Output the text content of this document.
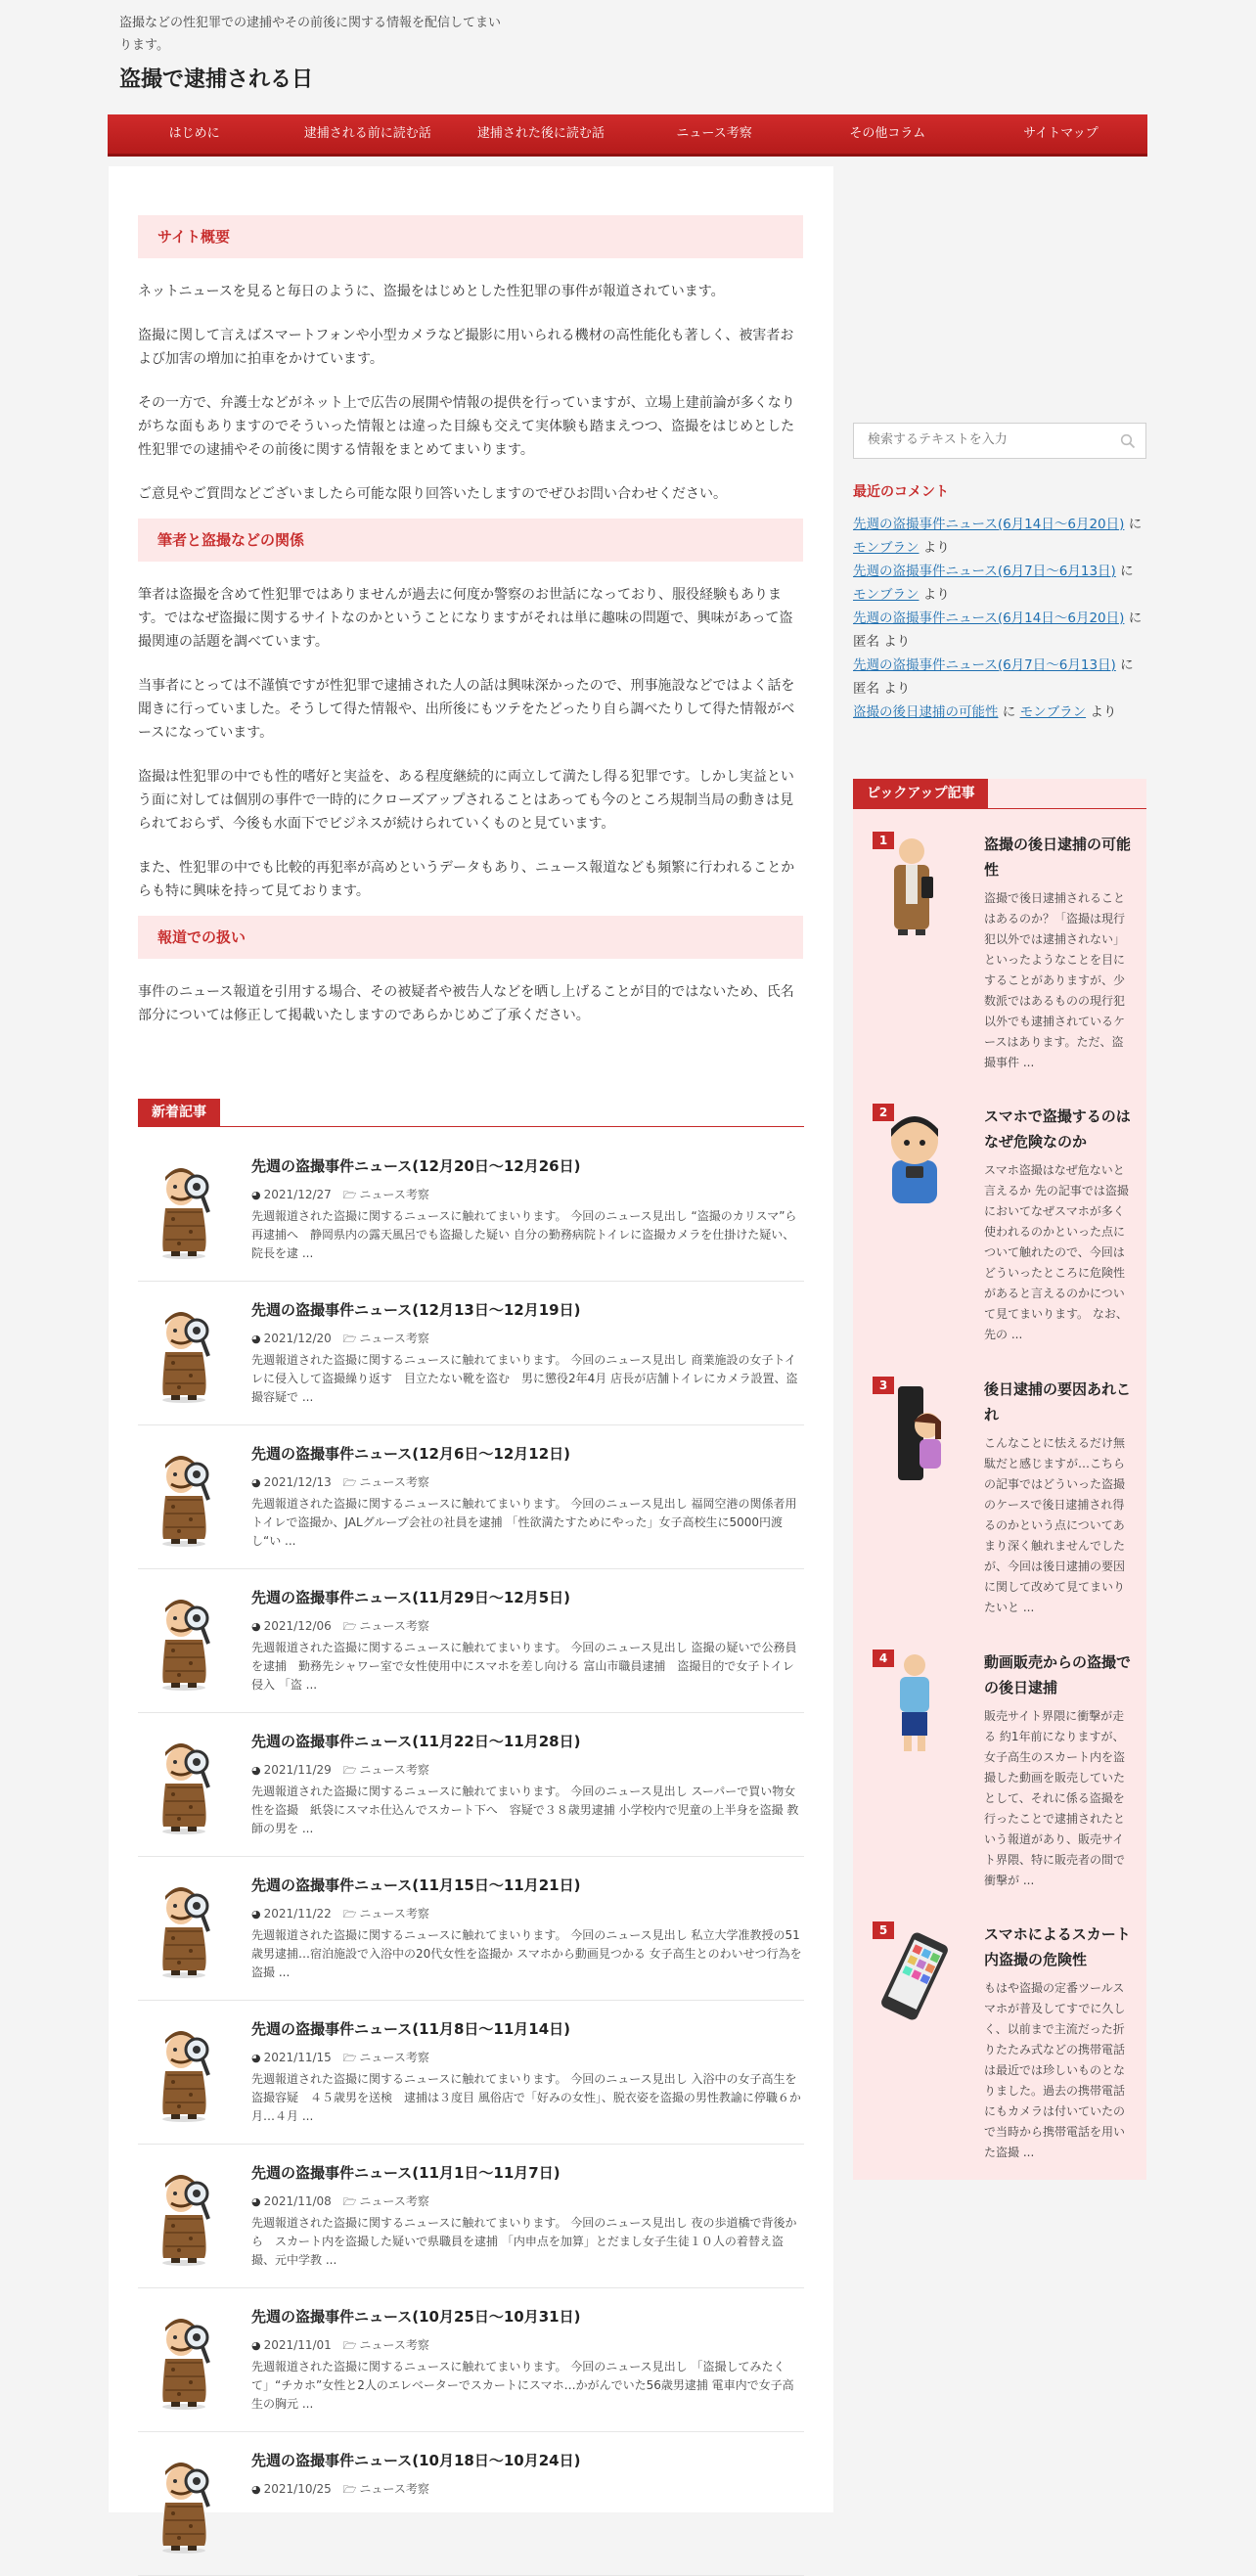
盗撮などの性犯罪での逮捕やその前後に関する情報を配信してまいります。
盗撮で逮捕される日
はじめに	逮捕される前に読む話	逮捕された後に読む話	ニュース考察	その他コラム	サイトマップ
サイト概要

ネットニュースを見ると毎日のように、盗撮をはじめとした性犯罪の事件が報道されています。

盗撮に関して言えばスマートフォンや小型カメラなど撮影に用いられる機材の高性能化も著しく、被害者および加害の増加に拍車をかけています。

その一方で、弁護士などがネット上で広告の展開や情報の提供を行っていますが、立場上建前論が多くなりがちな面もありますのでそういった情報とは違った目線も交えて実体験も踏まえつつ、盗撮をはじめとした性犯罪での逮捕やその前後に関する情報をまとめてまいります。

ご意見やご質問などございましたら可能な限り回答いたしますのでぜひお問い合わせください。

筆者と盗撮などの関係

筆者は盗撮を含めて性犯罪ではありませんが過去に何度か警察のお世話になっており、服役経験もあります。ではなぜ盗撮に関するサイトなのかということになりますがそれは単に趣味の問題で、興味があって盗撮関連の話題を調べています。

当事者にとっては不謹慎ですが性犯罪で逮捕された人の話は興味深かったので、刑事施設などではよく話を聞きに行っていました。そうして得た情報や、出所後にもツテをたどったり自ら調べたりして得た情報がベースになっています。

盗撮は性犯罪の中でも性的嗜好と実益を、ある程度継続的に両立して満たし得る犯罪です。しかし実益という面に対しては個別の事件で一時的にクローズアップされることはあっても今のところ規制当局の動きは見られておらず、今後も水面下でビジネスが続けられていくものと見ています。

また、性犯罪の中でも比較的再犯率が高めというデータもあり、ニュース報道なども頻繁に行われることからも特に興味を持って見ております。

報道での扱い

事件のニュース報道を引用する場合、その被疑者や被告人などを晒し上げることが目的ではないため、氏名部分については修正して掲載いたしますのであらかじめご了承ください。

新着記事
先週の盗撮事件ニュース(12月20日～12月26日)
◕ 2021/12/27 🗁 ニュース考察
先週報道された盗撮に関するニュースに触れてまいります。 今回のニュース見出し “盗撮のカリスマ”ら再逮捕へ　静岡県内の露天風呂でも盗撮した疑い 自分の勤務病院トイレに盗撮カメラを仕掛けた疑い、院長を逮 ...
先週の盗撮事件ニュース(12月13日～12月19日)
◕ 2021/12/20 🗁 ニュース考察
先週報道された盗撮に関するニュースに触れてまいります。 今回のニュース見出し 商業施設の女子トイレに侵入して盗撮繰り返す　目立たない靴を盗む　男に懲役2年4月 店長が店舗トイレにカメラ設置、盗撮容疑で ...
先週の盗撮事件ニュース(12月6日～12月12日)
◕ 2021/12/13 🗁 ニュース考察
先週報道された盗撮に関するニュースに触れてまいります。 今回のニュース見出し 福岡空港の関係者用トイレで盗撮か、JALグループ会社の社員を逮捕 「性欲満たすためにやった」女子高校生に5000円渡し“い ...
先週の盗撮事件ニュース(11月29日～12月5日)
◕ 2021/12/06 🗁 ニュース考察
先週報道された盗撮に関するニュースに触れてまいります。 今回のニュース見出し 盗撮の疑いで公務員を逮捕　勤務先シャワー室で女性使用中にスマホを差し向ける 富山市職員逮捕　盗撮目的で女子トイレ侵入 「盗 ...
先週の盗撮事件ニュース(11月22日～11月28日)
◕ 2021/11/29 🗁 ニュース考察
先週報道された盗撮に関するニュースに触れてまいります。 今回のニュース見出し スーパーで買い物女性を盗撮　紙袋にスマホ仕込んでスカート下へ　容疑で３８歳男逮捕 小学校内で児童の上半身を盗撮 教師の男を ...
先週の盗撮事件ニュース(11月15日～11月21日)
◕ 2021/11/22 🗁 ニュース考察
先週報道された盗撮に関するニュースに触れてまいります。 今回のニュース見出し 私立大学准教授の51歳男逮捕…宿泊施設で入浴中の20代女性を盗撮か スマホから動画見つかる 女子高生とのわいせつ行為を盗撮 ...
先週の盗撮事件ニュース(11月8日～11月14日)
◕ 2021/11/15 🗁 ニュース考察
先週報道された盗撮に関するニュースに触れてまいります。 今回のニュース見出し 入浴中の女子高生を盗撮容疑　４５歳男を送検　逮捕は３度目 風俗店で「好みの女性」、脱衣姿を盗撮の男性教諭に停職６か月…４月 ...
先週の盗撮事件ニュース(11月1日～11月7日)
◕ 2021/11/08 🗁 ニュース考察
先週報道された盗撮に関するニュースに触れてまいります。 今回のニュース見出し 夜の歩道橋で背後から　スカート内を盗撮した疑いで県職員を逮捕 「内申点を加算」とだまし女子生徒１０人の着替え盗撮、元中学教 ...
先週の盗撮事件ニュース(10月25日～10月31日)
◕ 2021/11/01 🗁 ニュース考察
先週報道された盗撮に関するニュースに触れてまいります。 今回のニュース見出し 「盗撮してみたくて」“チカホ”女性と2人のエレベーターでスカートにスマホ…かがんでいた56歳男逮捕 電車内で女子高生の胸元 ...
先週の盗撮事件ニュース(10月18日～10月24日)
◕ 2021/10/25 🗁 ニュース考察
検索するテキストを入力
最近のコメント
先週の盗撮事件ニュース(6月14日～6月20日) に モンブラン より
先週の盗撮事件ニュース(6月7日～6月13日) に モンブラン より
先週の盗撮事件ニュース(6月14日～6月20日) に 匿名 より
先週の盗撮事件ニュース(6月7日～6月13日) に 匿名 より
盗撮の後日逮捕の可能性 に モンブラン より
ピックアップ記事
1	盗撮の後日逮捕の可能性
盗撮で後日逮捕されることはあるのか？「盗撮は現行犯以外では逮捕されない」といったようなことを目にすることがありますが、少数派ではあるものの現行犯以外でも逮捕されているケースはあります。ただ、盗撮事件 ...
2	スマホで盗撮するのはなぜ危険なのか
スマホ盗撮はなぜ危ないと言えるか 先の記事では盗撮においてなぜスマホが多く使われるのかといった点について触れたので、今回はどういったところに危険性があると言えるのかについて見てまいります。 なお、先の ...
3	後日逮捕の要因あれこれ
こんなことに怯えるだけ無駄だと感じますが…こちらの記事ではどういった盗撮のケースで後日逮捕され得るのかという点についてあまり深く触れませんでしたが、今回は後日逮捕の要因に関して改めて見てまいりたいと ...
4	動画販売からの盗撮での後日逮捕
販売サイト界隈に衝撃が走る 約1年前になりますが、女子高生のスカート内を盗撮した動画を販売していたとして、それに係る盗撮を行ったことで逮捕されたという報道があり、販売サイト界隈、特に販売者の間で衝撃が ...
5	スマホによるスカート内盗撮の危険性
もはや盗撮の定番ツールスマホが普及してすでに久しく、以前まで主流だった折りたたみ式などの携帯電話は最近では珍しいものとなりました。過去の携帯電話にもカメラは付いていたので当時から携帯電話を用いた盗撮 ...
